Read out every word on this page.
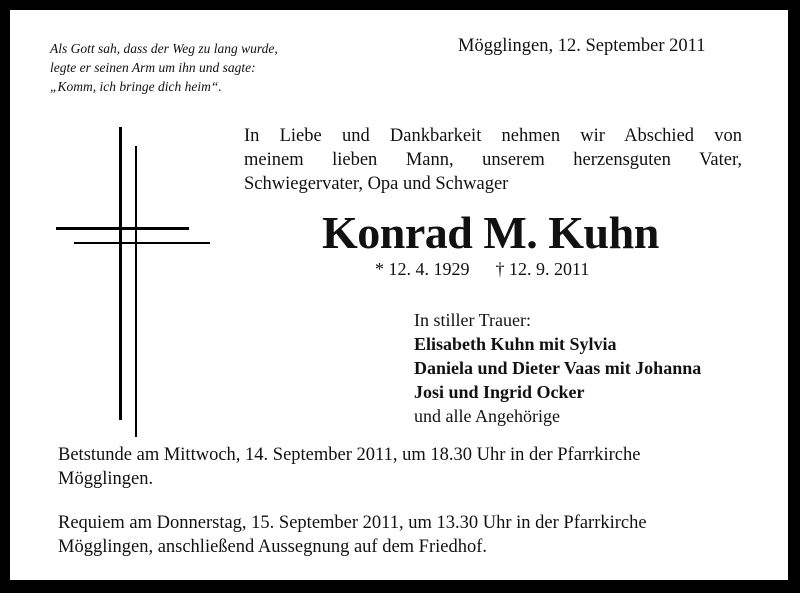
Als Gott sah, dass der Weg zu lang wurde,
legte er seinen Arm um ihn und sagte:
„Komm, ich bringe dich heim“.
Mögglingen, 12. September 2011
In Liebe und Dankbarkeit nehmen wir Abschied von
meinem lieben Mann, unserem herzensguten Vater,
Schwiegervater, Opa und Schwager
Konrad M. Kuhn
* 12. 4. 1929 † 12. 9. 2011
In stiller Trauer:
Elisabeth Kuhn mit Sylvia
Daniela und Dieter Vaas mit Johanna
Josi und Ingrid Ocker
und alle Angehörige
Betstunde am Mittwoch, 14. September 2011, um 18.30 Uhr in der Pfarrkirche
Mögglingen.
Requiem am Donnerstag, 15. September 2011, um 13.30 Uhr in der Pfarrkirche
Mögglingen, anschließend Aussegnung auf dem Friedhof.
